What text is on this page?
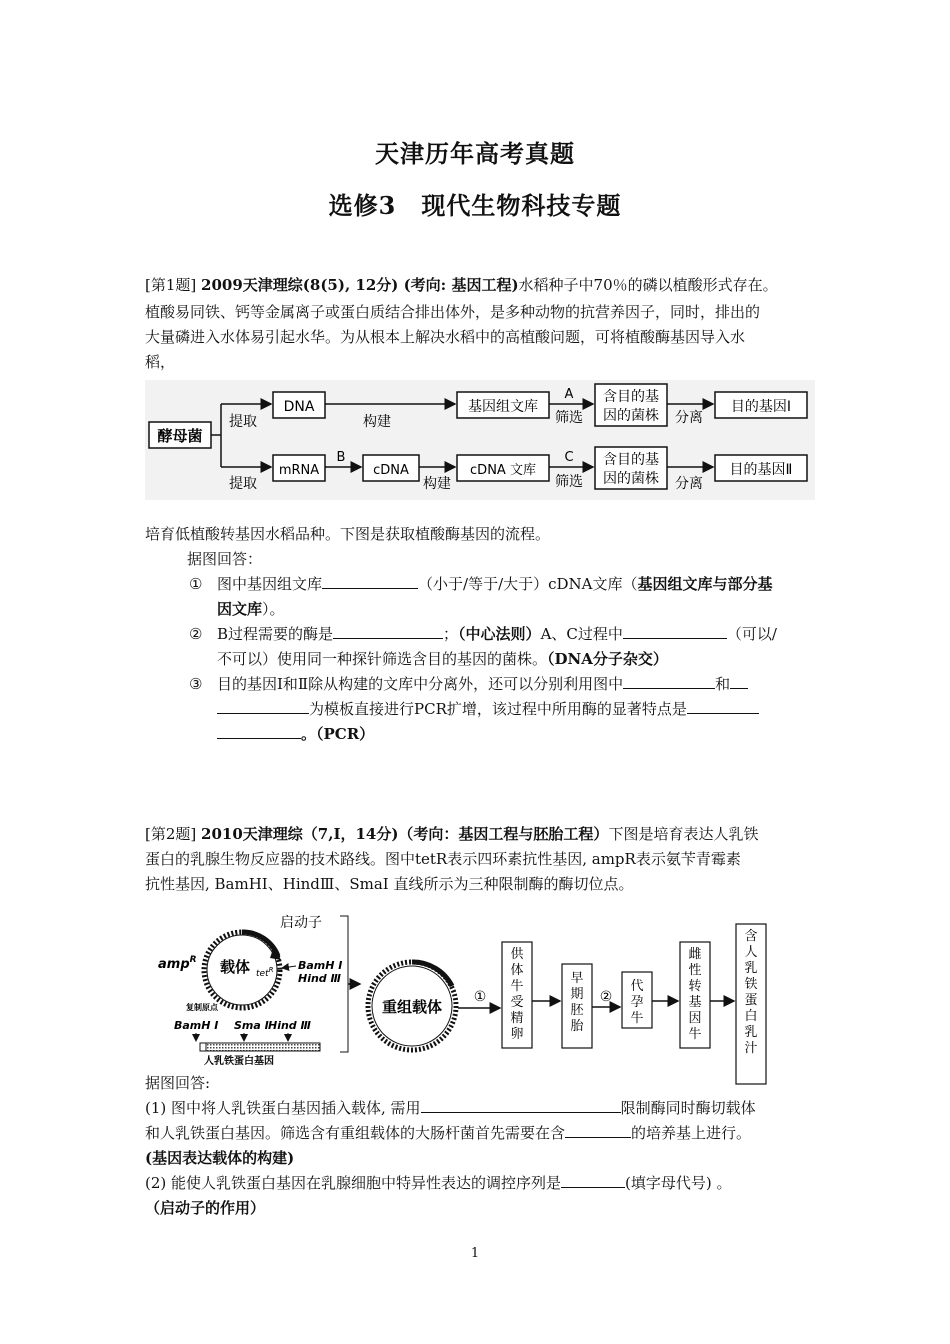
天津历年高考真题
选修3　现代生物科技专题
[第1题] 2009天津理综(8(5), 12分) (考向: 基因工程)水稻种子中70％的磷以植酸形式存在。
植酸易同铁、钙等金属离子或蛋白质结合排出体外，是多种动物的抗营养因子，同时，排出的
大量磷进入水体易引起水华。为从根本上解决水稻中的高植酸问题，可将植酸酶基因导入水
稻，
酵母菌
提取
提取
DNA
构建
基因组文库
A
筛选
含目的基
因的菌株 分离
目的基因Ⅰ
mRNA
B
cDNA
构建
cDNA 文库
C
筛选
含目的基
因的菌株 分离
目的基因Ⅱ
培育低植酸转基因水稻品种。下图是获取植酸酶基因的流程。
据图回答：
① 图中基因组文库	（小于/等于/大于）cDNA文库（基因组文库与部分基
因文库）。
② B过程需要的酶是	；（中心法则）A、C过程中	（可以/
不可以）使用同一种探针筛选含目的基因的菌株。（DNA分子杂交）
③ 目的基因Ⅰ和Ⅱ除从构建的文库中分离外，还可以分别利用图中	和
为模板直接进行PCR扩增，该过程中所用酶的显著特点是
。（PCR）
[第2题] 2010天津理综（7,Ⅰ，14分)（考向：基因工程与胚胎工程）下图是培育表达人乳铁
蛋白的乳腺生物反应器的技术路线。图中tetR表示四环素抗性基因, ampR表示氨苄青霉素
抗性基因, BamHⅠ、HindⅢ、SmaⅠ 直线所示为三种限制酶的酶切位点。
启动子
载体 tet$^R$
amp$^R$	BamH Ⅰ
Hind Ⅲ
复制原点
BamH Ⅰ Sma Ⅰ Hind Ⅲ
人乳铁蛋白基因
重组载体
①
供
体
牛
受
精
卵
早
期
胚
胎
②
代
孕
牛
雌
性
转
基
因
牛
含
人
乳
铁
蛋
白
乳
汁
据图回答:
(1) 图中将人乳铁蛋白基因插入载体, 需用	限制酶同时酶切载体
和人乳铁蛋白基因。筛选含有重组载体的大肠杆菌首先需要在含	的培养基上进行。
(基因表达载体的构建)
(2) 能使人乳铁蛋白基因在乳腺细胞中特异性表达的调控序列是	(填字母代号) 。
（启动子的作用）
1
